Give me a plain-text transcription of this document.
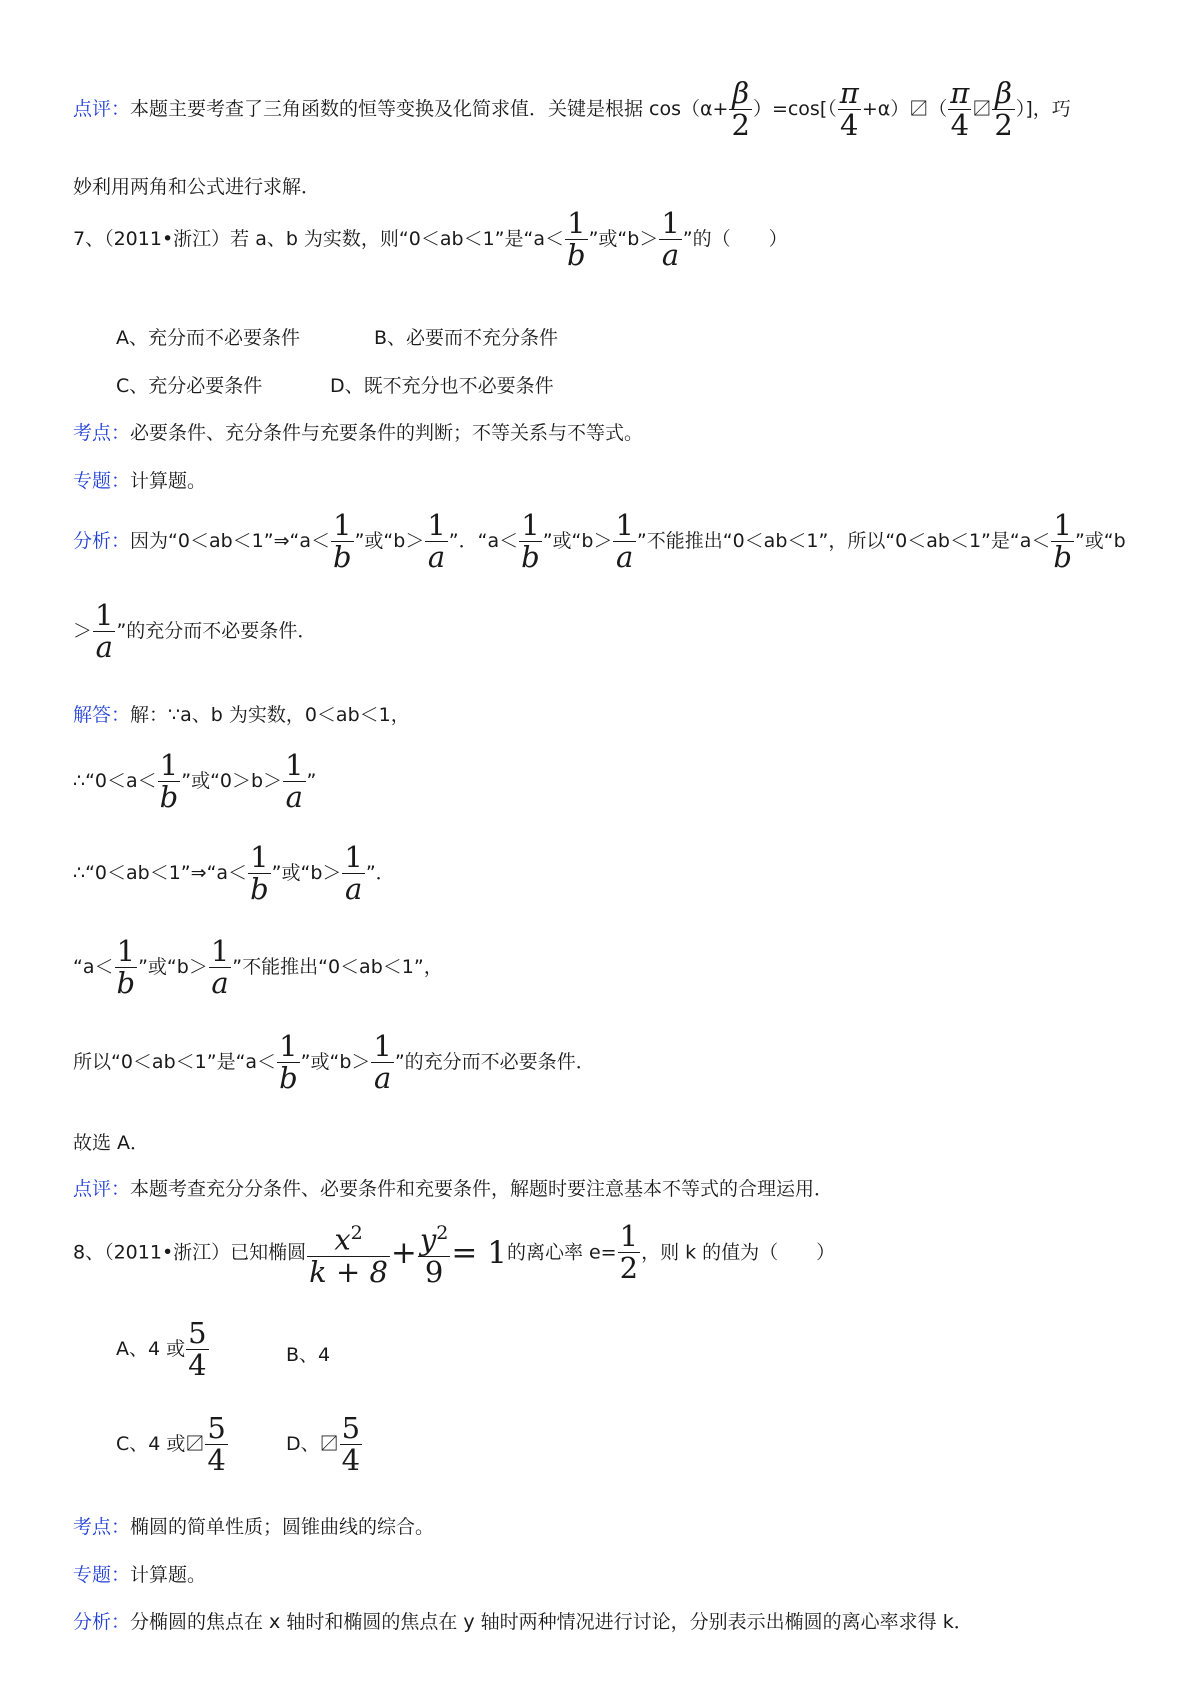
点评：本题主要考查了三角函数的恒等变换及化简求值．关键是根据 $\cos(\alpha+ \frac{\beta}{2} )=\cos[( \frac{\pi}{4} +\alpha)$〼（ $\frac{\pi}{4}$ 〼 $\frac{\beta}{2}$ ）]，巧
妙利用两角和公式进行求解．
7、（2011•浙江）若 a、b 为实数，则“0＜ab＜1”是“$a< \frac{1}{b}$ ”或“$b> \frac{1}{a}$ ”的（　　）
A、充分而不必要条件	B、必要而不充分条件
C、充分必要条件	D、既不充分也不必要条件
考点：必要条件、充分条件与充要条件的判断；不等关系与不等式。
专题：计算题。
分析：因为“0＜ab＜1”⇒“a＜ $\frac{1}{b}$ ”或“$b> \frac{1}{a}$ ”．“$a< \frac{1}{b}$ ”或“$b> \frac{1}{a}$ ”不能推出“0＜ab＜1”，所以“0＜ab＜1”是“$a< \frac{1}{b}$ ”或“b
＞ $\frac{1}{a}$ ”的充分而不必要条件．
解答：解：∵a、b 为实数，0＜ab＜1，
∴“0＜a＜ $\frac{1}{b}$ ”或“$0>b> \frac{1}{a}$ ”
∴“0＜ab＜1”⇒“a＜ $\frac{1}{b}$ ”或“$b> \frac{1}{a}$ ”．
“$a< \frac{1}{b}$ ”或“$b> \frac{1}{a}$ ”不能推出“0＜ab＜1”，
所以“0＜ab＜1”是“$a< \frac{1}{b}$ ”或“$b> \frac{1}{a}$ ”的充分而不必要条件．
故选 A．
点评：本题考查充分分条件、必要条件和充要条件，解题时要注意基本不等式的合理运用．
8、（2011•浙江）已知椭圆 $\frac{x^2}{k + 8} + \frac{y^2}{9} = 1$的离心率 $e= \frac{1}{2}$ ，则 k 的值为（　　）
A、4 或 $\frac{5}{4}$	B、4
C、4 或〼 $\frac{5}{4}$	D、〼 $\frac{5}{4}$
考点：椭圆的简单性质；圆锥曲线的综合。
专题：计算题。
分析：分椭圆的焦点在 x 轴时和椭圆的焦点在 y 轴时两种情况进行讨论，分别表示出椭圆的离心率求得 k．
